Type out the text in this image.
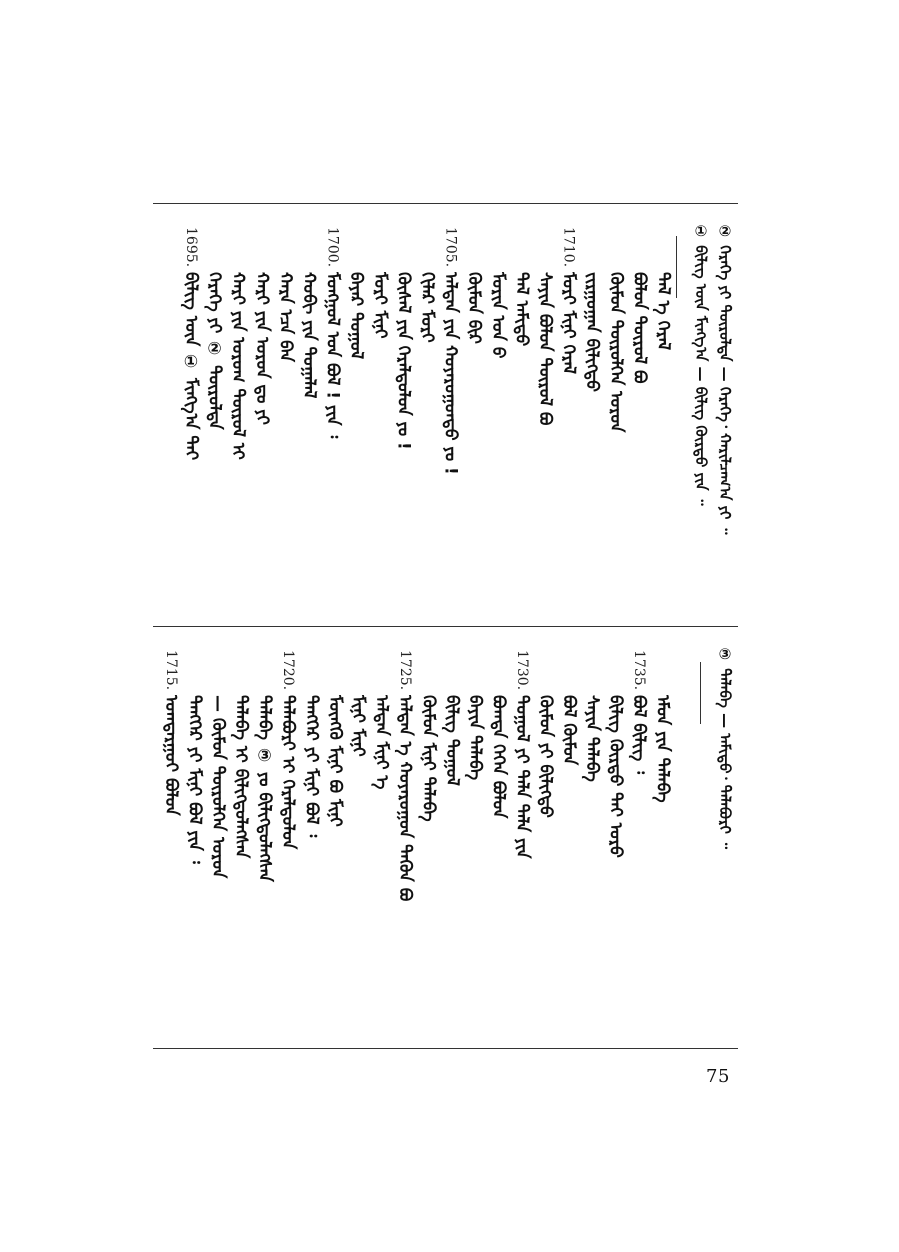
② ᠭᠡᠷᠡᠭᠡ ᠶᠢ ᠲᠦᠷᠦᠯᠳᠡ — ᠭᠡᠷᠡᠭᠡ᠂ ᠬᠠᠷᠢᠯᠴᠠᠭ᠎ᠠ ᠶᠢ ᠃
① ᠪᠢᠯᠢᠭ ᠦᠨ ᠮᠢᠩᠭ᠎ᠠ — ᠪᠢᠯᠢᠭ ᠬᠦᠷᠳᠦ ᠶᠢᠨ ᠃
ᠪᠢᠯᠢᠭ ᠦᠨ ① ᠮᠢᠩᠭ᠎ᠠ ᠲᠠᠢ
1695.
ᠭᠡᠷᠡᠭᠡ ᠶᠢ ② ᠲᠦᠷᠦᠯᠳᠡ ᠬᠠᠷᠢ ᠶᠢᠨ ᠤᠷᠤᠭ ᠲᠥᠷᠦᠯ ᠢ ᠬᠠᠷᠢ ᠶᠢᠨ ᠣᠷᠤᠨ ᠳᠤ ᠶᠢ ᠬᠠᠷᠠ ᠡᠴᠡ ᠪᠠᠨ ᠬᠤᠪᠢ ᠶᠢᠨ ᠲᠣᠭᠠᠯᠠᠯ ᠮᠣᠩᠭᠣᠯ ᠤᠨ ᠪᠣᠯ ! ᠶᠢᠨ ᠄
1700.
ᠪᠠᠶᠠᠷ ᠲᠣᠭᠣᠯ ᠮᠣᠷᠢ ᠮᠢᠨᠢ ᠬᠦᠰᠡᠯ ᠶᠢᠨ ᠭᠡᠷᠡᠯᠲᠦᠯᠦᠨ ᠶᠤ ! ᠬᠢᠯᠠᠷ ᠮᠣᠷᠢ ᠠᠯᠲᠠᠨ ᠶᠢᠨ ᠬᠣᠶᠠᠷᠤᠭᠤᠨᠳᠤ ᠶᠤ !
1705.
ᠬᠦᠮᠦᠨ ᠪᠢᠷ ᠮᠣᠷᠢᠨ ᠤᠨ ᠪ ᠲᠠᠯ ᠠᠮᠢᠳᠤ ᠰᠠᠶᠢᠨ ᠪᠣᠯᠤᠨ ᠲᠥᠷᠦᠯ ᠪᠣ ᠮᠣᠷᠢ ᠮᠢᠨᠢ ᠭᠡᠷᠡᠯ
1710.
ᠵᠢᠷᠭᠤᠭᠠᠨ ᠪᠢᠯᠢᠭᠲᠦ ᠬᠦᠮᠦᠨ ᠲᠥᠷᠦᠯᠭᠡᠨ ᠣᠷᠤᠨ ᠪᠣᠯᠤᠨ ᠲᠥᠷᠦᠯ ᠪᠣ ᠲᠠᠯ ᠡ ᠭᠡᠷᠡᠯ
③ ᠲᠠᠯᠠᠪᠠ — ᠠᠮᠢᠳᠤ᠂ ᠲᠠᠯᠠᠪᠤᠷᠢ ᠃
ᠣᠭᠲᠠᠷᠭᠤᠢ ᠪᠣᠯᠤᠨ
1715.
ᠲᠡᠩᠭᠡᠷ ᠶᠢ ᠮᠢᠨᠢ ᠪᠣᠯ ᠶᠢᠨ ᠄ — ᠬᠦᠮᠦᠨ ᠲᠥᠷᠦᠯᠭᠡᠨ ᠣᠷᠤᠨ ᠲᠠᠯᠠᠪᠠ ᠢ ᠪᠢᠯᠢᠭᠲᠦᠯᠡᠭᠰᠡᠨ ᠲᠠᠯᠠᠪᠠ ③ ᠶᠤ ᠪᠢᠯᠢᠭᠲᠦᠯᠡᠭᠰᠡᠨ ᠲᠠᠯᠠᠪᠤᠷᠢ ᠢ ᠭᠡᠷᠡᠯᠲᠦᠯᠦᠨ
1720.
ᠲᠡᠩᠭᠡᠷ ᠶᠢ ᠮᠢᠨᠢ ᠪᠣᠯ ᠄ ᠮᠥᠩᠭᠦ ᠮᠢᠨᠢ ᠪᠣ ᠮᠢᠨᠢ ᠮᠢᠨᠢ ᠮᠢᠨᠢ ᠠᠯᠲᠠᠨ ᠮᠢᠨᠢ ᠡ ᠠᠯᠲᠠᠨ ᠡ ᠬᠣᠶᠠᠷᠤᠭᠤᠨ ᠲᠡᠭᠦᠨ ᠪᠣ
1725.
ᠬᠦᠮᠦᠨ ᠮᠢᠨᠢ ᠲᠠᠯᠠᠪᠠ ᠪᠢᠯᠢᠭ ᠲᠣᠭᠣᠯ ᠪᠠᠶᠢᠨ ᠲᠠᠯᠠᠪᠠ ᠪᠣᠭᠳᠠ ᠭᠡᠭᠡᠨ ᠪᠣᠯᠤᠨ ᠲᠣᠭᠣᠯ ᠶᠢ ᠲᠠᠯᠠ ᠲᠠᠯᠠ ᠶᠢᠨ
1730.
ᠬᠦᠮᠦᠨ ᠶᠢ ᠪᠢᠯᠢᠭᠲᠦ ᠪᠣᠯ ᠬᠦᠮᠦᠨ ᠰᠠᠶᠢᠨ ᠲᠠᠯᠠᠪᠠ ᠪᠢᠯᠢᠭ ᠬᠦᠷᠳᠦ ᠲᠠᠢ ᠣᠷᠤ ᠪᠣᠯ ᠪᠢᠯᠢᠭ ᠄
1735.
ᠡᠮᠦᠨ ᠶᠢᠨ ᠲᠠᠯᠠᠪᠠ
75
